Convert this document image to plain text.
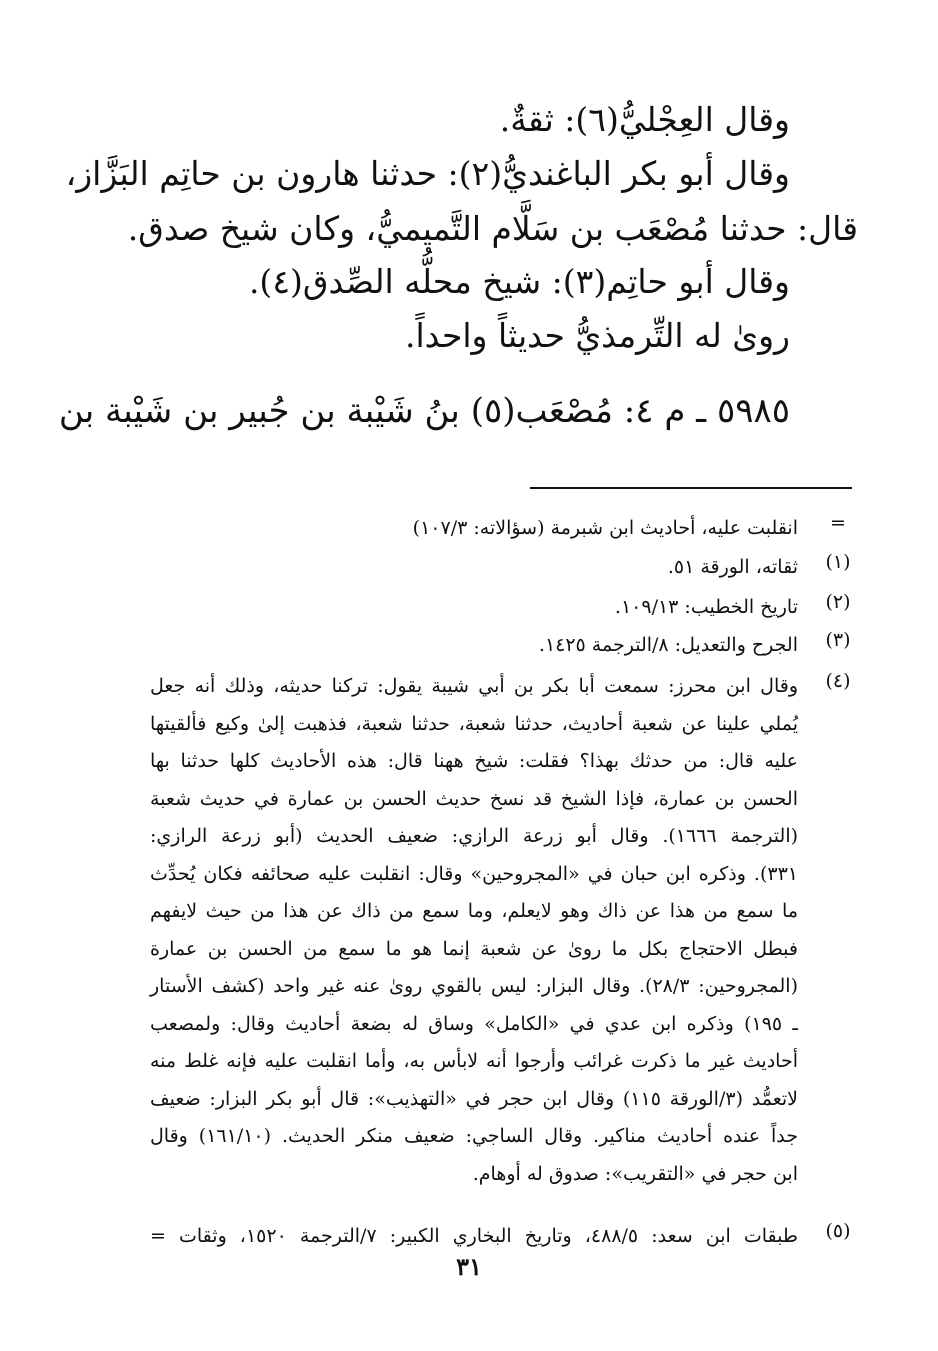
وقال العِجْليُّ(٦): ثقةٌ.
وقال أبو بكر الباغنديُّ(٢): حدثنا هارون بن حاتِم البَزَّاز،
قال: حدثنا مُصْعَب بن سَلَّام التَّميميُّ، وكان شيخ صدق.
وقال أبو حاتِم(٣): شيخ محلُّه الصِّدق(٤).
روىٰ له التِّرمذيُّ حديثاً واحداً.
٥٩٨٥ ـ م ٤: مُصْعَب(٥) بنُ شَيْبة بن جُبير بن شَيْبة بن
=
انقلبت عليه، أحاديث ابن شبرمة (سؤالاته: ١٠٧/٣)
(١)
ثقاته، الورقة ٥١.
(٢)
تاريخ الخطيب: ١٠٩/١٣.
(٣)
الجرح والتعديل: ٨/الترجمة ١٤٢٥.
(٤)
وقال ابن محرز: سمعت أبا بكر بن أبي شيبة يقول: تركنا حديثه، وذلك أنه جعل
يُملي علينا عن شعبة أحاديث، حدثنا شعبة، حدثنا شعبة، فذهبت إلىٰ وكيع فألقيتها
عليه قال: من حدثك بهذا؟ فقلت: شيخ ههنا قال: هذه الأحاديث كلها حدثنا بها
الحسن بن عمارة، فإذا الشيخ قد نسخ حديث الحسن بن عمارة في حديث شعبة
(الترجمة ١٦٦٦). وقال أبو زرعة الرازي: ضعيف الحديث (أبو زرعة الرازي:
٣٣١). وذكره ابن حبان في «المجروحين» وقال: انقلبت عليه صحائفه فكان يُحدِّث
ما سمع من هذا عن ذاك وهو لايعلم، وما سمع من ذاك عن هذا من حيث لايفهم
فبطل الاحتجاج بكل ما روىٰ عن شعبة إنما هو ما سمع من الحسن بن عمارة
(المجروحين: ٢٨/٣). وقال البزار: ليس بالقوي روىٰ عنه غير واحد (كشف الأستار
ـ ١٩٥) وذكره ابن عدي في «الكامل» وساق له بضعة أحاديث وقال: ولمصعب
أحاديث غير ما ذكرت غرائب وأرجوا أنه لابأس به، وأما انقلبت عليه فإنه غلط منه
لاتعمُّد (٣/الورقة ١١٥) وقال ابن حجر في «التهذيب»: قال أبو بكر البزار: ضعيف
جداً عنده أحاديث مناكير. وقال الساجي: ضعيف منكر الحديث. (١٦١/١٠) وقال
ابن حجر في «التقريب»: صدوق له أوهام.
(٥)
طبقات ابن سعد: ٤٨٨/٥، وتاريخ البخاري الكبير: ٧/الترجمة ١٥٢٠، وثقات =
٣١
